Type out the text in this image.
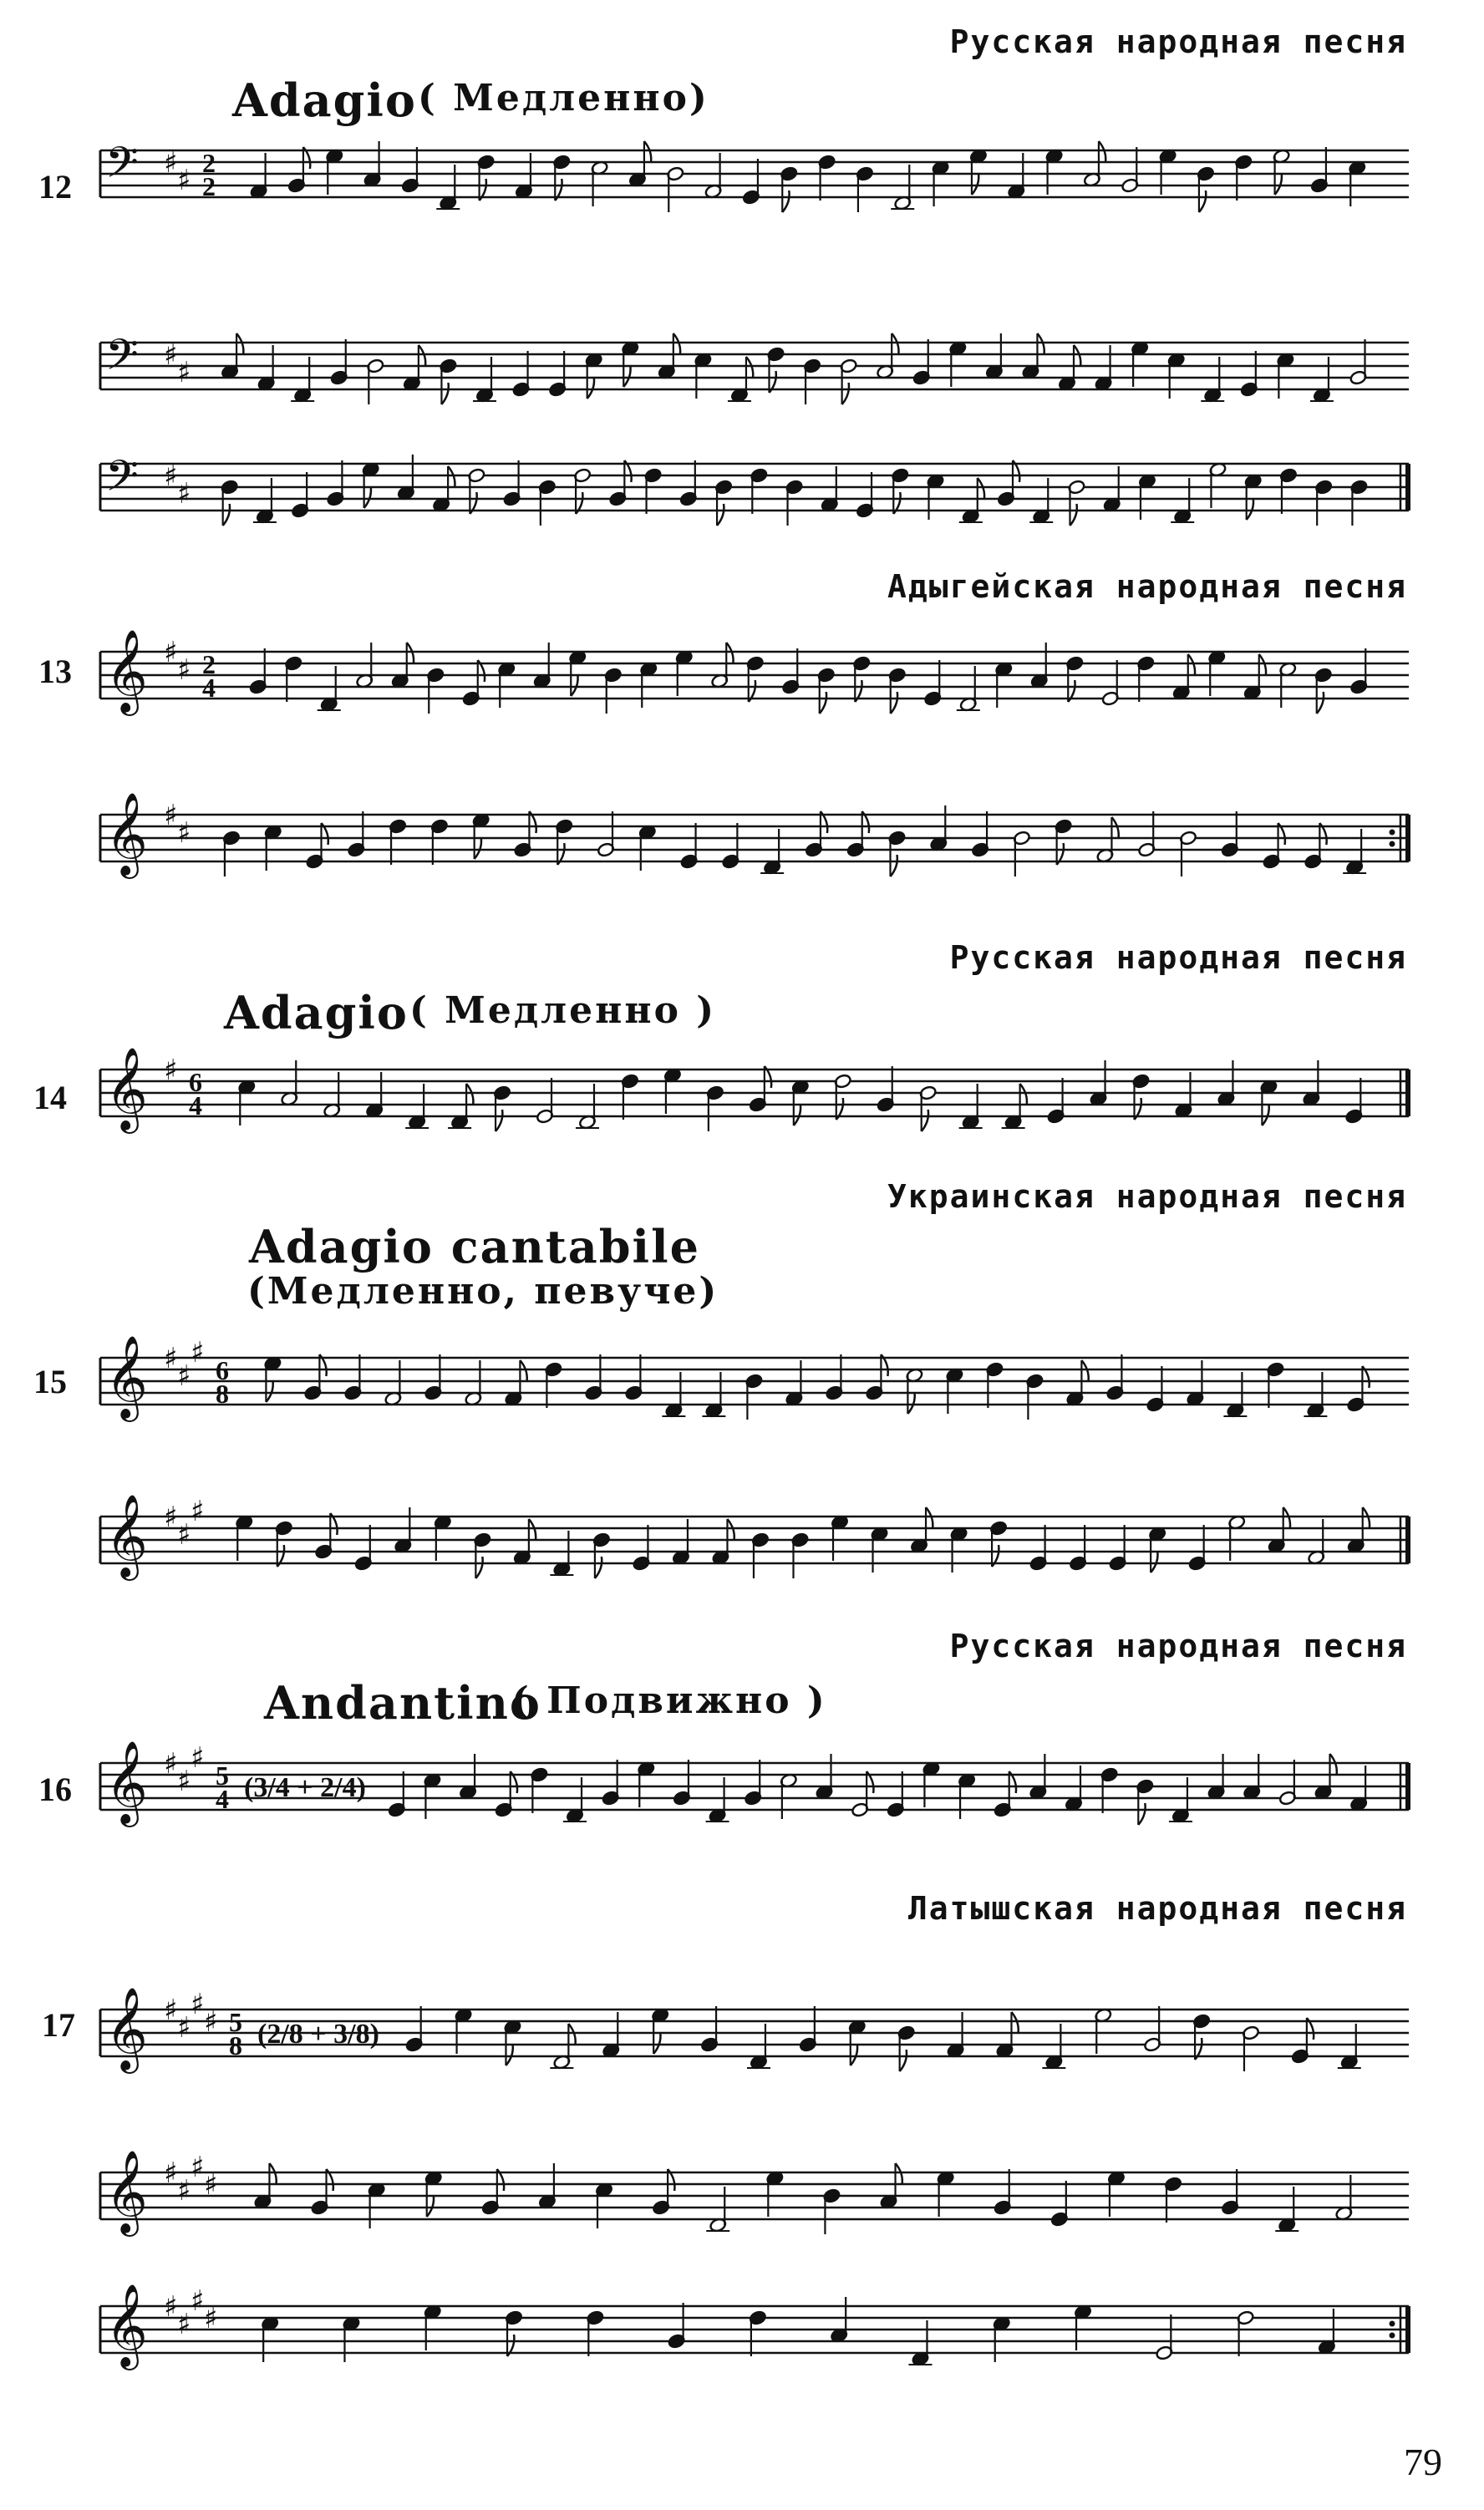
Русская народная песня
Adagio ( Медленно)
12
Адыгейская народная песня
13
Русская народная песня
Adagio ( Медленно )
14
Украинская народная песня
Adagio cantabile
(Медленно, певуче)
15
Русская народная песня
Andantino
( Подвижно )
16
Латышская народная песня
17
79
𝄢 ♯
♯
2
2
𝄢 ♯
♯
𝄢 ♯
♯
𝄞 ♯
♯ 2
4
𝄞 ♯
♯
𝄞 ♯ 6
4
𝄞 ♯
♯
♯
6
8
𝄞 ♯
♯
♯
𝄞 ♯
♯
♯
5
4 (3/4 + 2/4)
𝄞 ♯
♯
♯
♯ 5
8 (2/8 + 3/8)
𝄞 ♯
♯
♯
♯
𝄞 ♯
♯
♯
♯
